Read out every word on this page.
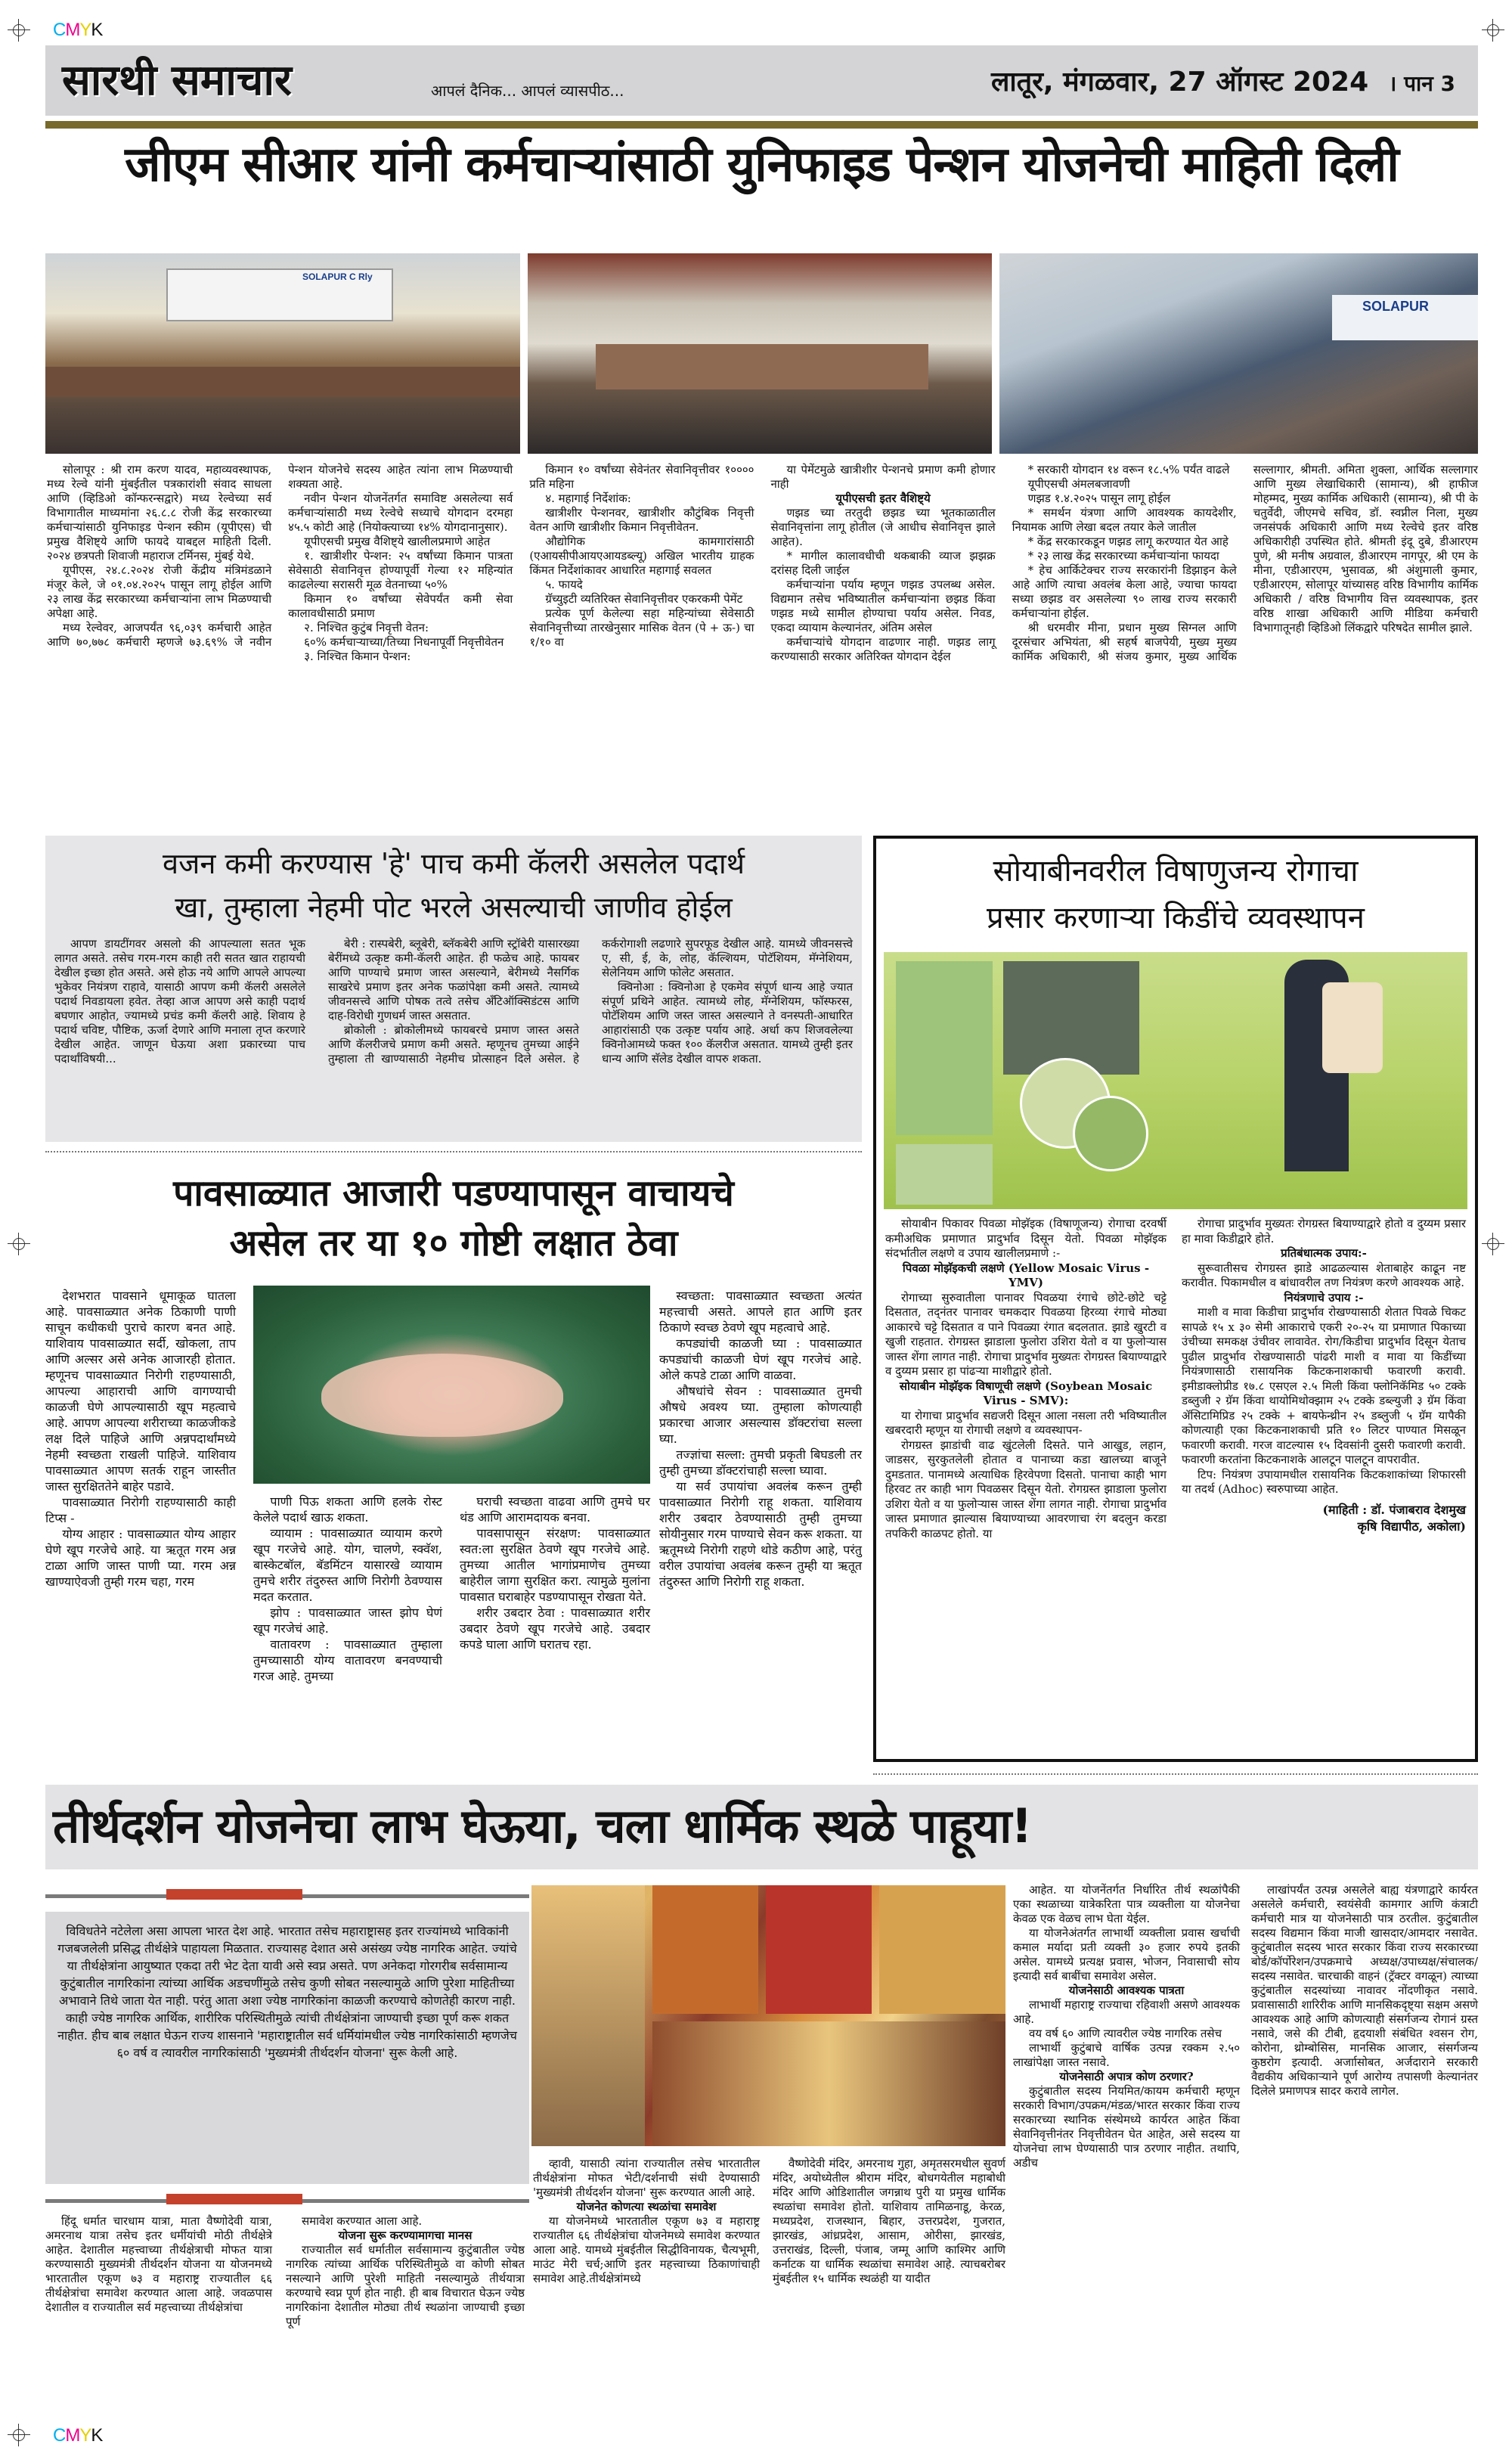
CMYK
सारथी समाचार	आपलं दैनिक... आपलं व्यासपीठ...	लातूर, मंगळवार, 27 ऑगस्ट 2024 । पान 3
जीएम सीआर यांनी कर्मचाऱ्यांसाठी युनिफाइड पेन्शन योजनेची माहिती दिली
SOLAPUR C Rly
SOLAPUR

सोलापूर : श्री राम करण यादव, महाव्यवस्थापक, मध्य रेल्वे यांनी मुंबईतील पत्रकारांशी संवाद साधला आणि (व्हिडिओ कॉन्फरन्सद्वारे) मध्य रेल्वेच्या सर्व विभागातील माध्यमांना २६.८.८ रोजी केंद्र सरकारच्या कर्मचाऱ्यांसाठी युनिफाइड पेन्शन स्कीम (यूपीएस) ची प्रमुख वैशिष्ट्ये आणि फायदे याबद्दल माहिती दिली. २०२४ छत्रपती शिवाजी महाराज टर्मिनस, मुंबई येथे.

यूपीएस, २४.८.२०२४ रोजी केंद्रीय मंत्रिमंडळाने मंजूर केले, जे ०१.०४.२०२५ पासून लागू होईल आणि २३ लाख केंद्र सरकारच्या कर्मचाऱ्यांना लाभ मिळण्याची अपेक्षा आहे.

मध्य रेल्वेवर, आजपर्यंत ९६,०३९ कर्मचारी आहेत आणि ७०,७७८ कर्मचारी म्हणजे ७३.६९% जे नवीन पेन्शन योजनेचे सदस्य आहेत त्यांना लाभ मिळण्याची शक्यता आहे.

नवीन पेन्शन योजनेंतर्गत समाविष्ट असलेल्या सर्व कर्मचाऱ्यांसाठी मध्य रेल्वेचे सध्याचे योगदान दरमहा ४५.५ कोटी आहे (नियोक्त्याच्या १४% योगदानानुसार).

यूपीएसची प्रमुख वैशिष्ट्ये खालीलप्रमाणे आहेत

१. खात्रीशीर पेन्शन: २५ वर्षांच्या किमान पात्रता सेवेसाठी सेवानिवृत्त होण्यापूर्वी गेल्या १२ महिन्यांत काढलेल्या सरासरी मूळ वेतनाच्या ५०%

किमान १० वर्षांच्या सेवेपर्यंत कमी सेवा कालावधीसाठी प्रमाण

२. निश्चित कुटुंब निवृत्ती वेतन:

६०% कर्मचाऱ्याच्या/तिच्या निधनापूर्वी निवृत्तीवेतन

३. निश्चित किमान पेन्शन:

किमान १० वर्षांच्या सेवेनंतर सेवानिवृत्तीवर १०००० प्रति महिना

४. महागाई निर्देशांक:

खात्रीशीर पेन्शनवर, खात्रीशीर कौटुंबिक निवृत्ती वेतन आणि खात्रीशीर किमान निवृत्तीवेतन.

औद्योगिक कामगारांसाठी (एआयसीपीआयएआयडब्ल्यू) अखिल भारतीय ग्राहक किंमत निर्देशांकावर आधारित महागाई सवलत

५. फायदे

ग्रॅच्युइटी व्यतिरिक्त सेवानिवृत्तीवर एकरकमी पेमेंट

प्रत्येक पूर्ण केलेल्या सहा महिन्यांच्या सेवेसाठी सेवानिवृत्तीच्या तारखेनुसार मासिक वेतन (पे + ऊ-) चा १/१० वा

या पेमेंटमुळे खात्रीशीर पेन्शनचे प्रमाण कमी होणार नाही

यूपीएसची इतर वैशिष्ट्ये

णझड च्या तरतुदी छझड च्या भूतकाळातील सेवानिवृत्तांना लागू होतील (जे आधीच सेवानिवृत्त झाले आहेत).

* मागील कालावधीची थकबाकी व्याज झझक्र दरांसह दिली जाईल

कर्मचाऱ्यांना पर्याय म्हणून णझड उपलब्ध असेल. विद्यमान तसेच भविष्यातील कर्मचाऱ्यांना छझड किंवा णझड मध्ये सामील होण्याचा पर्याय असेल. निवड, एकदा व्यायाम केल्यानंतर, अंतिम असेल

कर्मचाऱ्यांचे योगदान वाढणार नाही. णझड लागू करण्यासाठी सरकार अतिरिक्त योगदान देईल

* सरकारी योगदान १४ वरून १८.५% पर्यंत वाढले

यूपीएसची अंमलबजावणी

णझड १.४.२०२५ पासून लागू होईल

* समर्थन यंत्रणा आणि आवश्यक कायदेशीर, नियामक आणि लेखा बदल तयार केले जातील

* केंद्र सरकारकडून णझड लागू करण्यात येत आहे

* २३ लाख केंद्र सरकारच्या कर्मचाऱ्यांना फायदा

* हेच आर्किटेक्चर राज्य सरकारांनी डिझाइन केले आहे आणि त्याचा अवलंब केला आहे, ज्याचा फायदा सध्या छझड वर असलेल्या ९० लाख राज्य सरकारी कर्मचाऱ्यांना होईल.

श्री धरमवीर मीना, प्रधान मुख्य सिग्नल आणि दूरसंचार अभियंता, श्री सहर्ष बाजपेयी, मुख्य मुख्य कार्मिक अधिकारी, श्री संजय कुमार, मुख्य आर्थिक सल्लागार, श्रीमती. अमिता शुक्ला, आर्थिक सल्लागार आणि मुख्य लेखाधिकारी (सामान्य), श्री हाफीज मोहम्मद, मुख्य कार्मिक अधिकारी (सामान्य), श्री पी के चतुर्वेदी, जीएमचे सचिव, डॉ. स्वप्नील निला, मुख्य जनसंपर्क अधिकारी आणि मध्य रेल्वेचे इतर वरिष्ठ अधिकारीही उपस्थित होते. श्रीमती इंदू दुबे, डीआरएम पुणे, श्री मनीष अग्रवाल, डीआरएम नागपूर, श्री एम के मीना, एडीआरएम, भुसावळ, श्री अंशुमाली कुमार, एडीआरएम, सोलापूर यांच्यासह वरिष्ठ विभागीय कार्मिक अधिकारी / वरिष्ठ विभागीय वित्त व्यवस्थापक, इतर वरिष्ठ शाखा अधिकारी आणि मीडिया कर्मचारी विभागातूनही व्हिडिओ लिंकद्वारे परिषदेत सामील झाले.

वजन कमी करण्यास 'हे' पाच कमी कॅलरी असलेल पदार्थ
खा, तुम्हाला नेहमी पोट भरले असल्याची जाणीव होईल

आपण डायटींगवर असलो की आपल्याला सतत भूक लागत असते. तसेच गरम-गरम काही तरी सतत खात राहायची देखील इच्छा होत असते. असे होऊ नये आणि आपले आपल्या भुकेवर नियंत्रण राहावे, यासाठी आपण कमी कॅलरी असलेले पदार्थ निवडायला हवेत. तेव्हा आज आपण असे काही पदार्थ बघणार आहोत, ज्यामध्ये प्रचंड कमी कॅलरी आहे. शिवाय हे पदार्थ चविष्ट, पौष्टिक, ऊर्जा देणारे आणि मनाला तृप्त करणारे देखील आहेत. जाणून घेऊया अशा प्रकारच्या पाच पदार्थांविषयी...

बेरी : रास्पबेरी, ब्लूबेरी, ब्लॅकबेरी आणि स्ट्रॉबेरी यासारख्या बेरींमध्ये उत्कृष्ट कमी-कॅलरी आहेत. ही फळेच आहे. फायबर आणि पाण्याचे प्रमाण जास्त असल्याने, बेरीमध्ये नैसर्गिक साखरेचे प्रमाण इतर अनेक फळांपेक्षा कमी असते. त्यामध्ये जीवनसत्त्वे आणि पोषक तत्वे तसेच अँटिऑक्सिडंटस आणि दाह-विरोधी गुणधर्म जास्त असतात.

ब्रोकोली : ब्रोकोलीमध्ये फायबरचे प्रमाण जास्त असते आणि कॅलरीजचे प्रमाण कमी असते. म्हणूनच तुमच्या आईने तुम्हाला ती खाण्यासाठी नेहमीच प्रोत्साहन दिले असेल. हे कर्करोगाशी लढणारे सुपरफूड देखील आहे. यामध्ये जीवनसत्त्वे ए, सी, ई, के, लोह, कॅल्शियम, पोटॅशियम, मॅग्नेशियम, सेलेनियम आणि फोलेट असतात.

क्विनोआ : क्विनोआ हे एकमेव संपूर्ण धान्य आहे ज्यात संपूर्ण प्रथिने आहेत. त्यामध्ये लोह, मॅग्नेशियम, फॉस्फरस, पोटॅशियम आणि जस्त जास्त असल्याने ते वनस्पती-आधारित आहारांसाठी एक उत्कृष्ट पर्याय आहे. अर्धा कप शिजवलेल्या क्विनोआमध्ये फक्त १०० कॅलरीज असतात. यामध्ये तुम्ही इतर धान्य आणि सॅलेड देखील वापरु शकता.

पावसाळ्यात आजारी पडण्यापासून वाचायचे
असेल तर या १० गोष्टी लक्षात ठेवा

देशभरात पावसाने धूमाकूळ घातला आहे. पावसाळ्यात अनेक ठिकाणी पाणी साचून कधीकधी पुराचे कारण बनत आहे. याशिवाय पावसाळ्यात सर्दी, खोकला, ताप आणि अल्सर असे अनेक आजारही होतात. म्हणूनच पावसाळ्यात निरोगी राहण्यासाठी, आपल्या आहाराची आणि वागण्याची काळजी घेणे आपल्यासाठी खूप महत्वाचे आहे. आपण आपल्या शरीराच्या काळजीकडे लक्ष दिले पाहिजे आणि अन्नपदार्थांमध्ये नेहमी स्वच्छता राखली पाहिजे. याशिवाय पावसाळ्यात आपण सतर्क राहून जास्तीत जास्त सुरक्षिततेने बाहेर पडावे.

पावसाळ्यात निरोगी राहण्यासाठी काही टिप्स -

योग्य आहार : पावसाळ्यात योग्य आहार घेणे खूप गरजेचे आहे. या ऋतूत गरम अन्न टाळा आणि जास्त पाणी प्या. गरम अन्न खाण्याऐवजी तुम्ही गरम चहा, गरम

पाणी पिऊ शकता आणि हलके रोस्ट केलेले पदार्थ खाऊ शकता.

व्यायाम : पावसाळ्यात व्यायाम करणे खूप गरजेचे आहे. योग, चालणे, स्क्वॅश, बास्केटबॉल, बॅडमिंटन यासारखे व्यायाम तुमचे शरीर तंदुरुस्त आणि निरोगी ठेवण्यास मदत करतात.

झोप : पावसाळ्यात जास्त झोप घेणं खूप गरजेचं आहे.

वातावरण : पावसाळ्यात तुम्हाला तुमच्यासाठी योग्य वातावरण बनवण्याची गरज आहे. तुमच्या

घराची स्वच्छता वाढवा आणि तुमचे घर थंड आणि आरामदायक बनवा.

पावसापासून संरक्षण: पावसाळ्यात स्वत:ला सुरक्षित ठेवणे खूप गरजेचे आहे. तुमच्या आतील भागांप्रमाणेच तुमच्या बाहेरील जागा सुरक्षित करा. त्यामुळे मुलांना पावसात घराबाहेर पडण्यापासून रोखता येते.

शरीर उबदार ठेवा : पावसाळ्यात शरीर उबदार ठेवणे खूप गरजेचे आहे. उबदार कपडे घाला आणि घरातच रहा.

स्वच्छता: पावसाळ्यात स्वच्छता अत्यंत महत्त्वाची असते. आपले हात आणि इतर ठिकाणे स्वच्छ ठेवणे खूप महत्वाचे आहे.

कपड्यांची काळजी घ्या : पावसाळ्यात कपड्यांची काळजी घेणं खूप गरजेचं आहे. ओले कपडे टाळा आणि वाळवा.

औषधांचे सेवन : पावसाळ्यात तुमची औषधे अवश्य घ्या. तुम्हाला कोणत्याही प्रकारचा आजार असल्यास डॉक्टरांचा सल्ला घ्या.

तज्ज्ञांचा सल्ला: तुमची प्रकृती बिघडली तर तुम्ही तुमच्या डॉक्टरांचाही सल्ला घ्यावा.

या सर्व उपायांचा अवलंब करून तुम्ही पावसाळ्यात निरोगी राहू शकता. याशिवाय शरीर उबदार ठेवण्यासाठी तुम्ही तुमच्या सोयीनुसार गरम पाण्याचे सेवन करू शकता. या ऋतूमध्ये निरोगी राहणे थोडे कठीण आहे, परंतु वरील उपायांचा अवलंब करून तुम्ही या ऋतूत तंदुरुस्त आणि निरोगी राहू शकता.

सोयाबीनवरील विषाणुजन्य रोगाचा
प्रसार करणाऱ्या किडींचे व्यवस्थापन

सोयाबीन पिकावर पिवळा मोझॅइक (विषाणूजन्य) रोगाचा दरवर्षी कमीअधिक प्रमाणात प्रादुर्भाव दिसून येतो. पिवळा मोझॅइक संदर्भातील लक्षणे व उपाय खालीलप्रमाणे :-

पिवळा मोझॅइकची लक्षणे (Yellow Mosaic Virus - YMV)

रोगाच्या सुरुवातीला पानावर पिवळया रंगाचे छोटे-छोटे चट्टे दिसतात, तद्नंतर पानावर चमकदार पिवळया हिरव्या रंगाचे मोठ्या आकारचे चट्टे दिसतात व पाने पिवळ्या रंगात बदलतात. झाडे खुरटी व खुजी राहतात. रोगग्रस्त झाडाला फुलोरा उशिरा येतो व या फुलोऱ्यास जास्त शेंगा लागत नाही. रोगाचा प्रादुर्भाव मुख्यतः रोगग्रस्त बियाण्याद्वारे व दुय्यम प्रसार हा पांढऱ्या माशीद्वारे होतो.

सोयाबीन मोझॅइक विषाणूची लक्षणे (Soybean Mosaic Virus - SMV):

या रोगाचा प्रादुर्भाव सद्यजरी दिसून आला नसला तरी भविष्यातील खबरदारी म्हणून या रोगाची लक्षणे व व्यवस्थापन-

रोगग्रस्त झाडांची वाढ खुंटलेली दिसते. पाने आखुड, लहान, जाडसर, सुरकुतलेली होतात व पानाच्या कडा खालच्या बाजूने दुमडतात. पानामध्ये अत्याधिक हिरवेपणा दिसतो. पानाचा काही भाग हिरवट तर काही भाग पिवळसर दिसून येतो. रोगग्रस्त झाडाला फुलोरा उशिरा येतो व या फुलोऱ्यास जास्त शेंगा लागत नाही. रोगाचा प्रादुर्भाव जास्त प्रमाणात झाल्यास बियाण्याच्या आवरणाचा रंग बदलुन करडा तपकिरी काळपट होतो. या

रोगाचा प्रादुर्भाव मुख्यतः रोगग्रस्त बियाण्याद्वारे होतो व दुय्यम प्रसार हा मावा किडीद्वारे होते.

प्रतिबंधात्मक उपाय:-

सुरूवातीसच रोगग्रस्त झाडे आढळल्यास शेताबाहेर काढून नष्ट करावीत. पिकामधील व बांधावरील तण नियंत्रण करणे आवश्यक आहे.

नियंत्रणाचे उपाय :-

माशी व मावा किडीचा प्रादुर्भाव रोखण्यासाठी शेतात पिवळे चिकट सापळे १५ x ३० सेमी आकाराचे एकरी २०-२५ या प्रमाणात पिकाच्या उंचीच्या समकक्ष उंचीवर लावावेत. रोग/किडीचा प्रादुर्भाव दिसून येताच पुढील प्रादुर्भाव रोखण्यासाठी पांढरी माशी व मावा या किडींच्या नियंत्रणासाठी रासायनिक किटकनाशकाची फवारणी करावी. इमीडाक्लोप्रीड १७.८ एसएल २.५ मिली किंवा फ्लोनिकॅमिड ५० टक्के डब्लुजी २ ग्रॅम किंवा थायोमिथोक्झाम २५ टक्के डब्ल्युजी ३ ग्रॅम किंवा ॲसिटामिप्रिड २५ टक्के + बायफेन्थ्रीन २५ डब्लुजी ५ ग्रॅम यापैकी कोणत्याही एका किटकनाशकाची प्रति १० लिटर पाण्यात मिसळून फवारणी करावी. गरज वाटल्यास १५ दिवसांनी दुसरी फवारणी करावी. फवारणी करतांना किटकनाशके आलटून पालटून वापरावीत.

टिप: नियंत्रण उपायामधील रासायनिक किटकशाकांच्या शिफारसी या तदर्थ (Adhoc) स्वरुपाच्या आहेत.

(माहिती : डॉ. पंजाबराव देशमुख
कृषि विद्यापीठ, अकोला)
तीर्थदर्शन योजनेचा लाभ घेऊया, चला धार्मिक स्थळे पाहूया!
विविधतेने नटेलेला असा आपला भारत देश आहे. भारतात तसेच महाराष्ट्रासह इतर राज्यांमध्ये भाविकांनी गजबजलेली प्रसिद्ध तीर्थक्षेत्रे पाहायला मिळतात. राज्यासह देशात असे असंख्य ज्येष्ठ नागरिक आहेत. ज्यांचे या तीर्थक्षेत्रांना आयुष्यात एकदा तरी भेट देता यावी असे स्वप्न असते. पण अनेकदा गोरगरीब सर्वसामान्य कुटुंबातील नागरिकांना त्यांच्या आर्थिक अडचणींमुळे तसेच कुणी सोबत नसल्यामुळे आणि पुरेशा माहितीच्या अभावाने तिथे जाता येत नाही. परंतु आता अशा ज्येष्ठ नागरिकांना काळजी करण्याचे कोणतेही कारण नाही. काही ज्येष्ठ नागरिक आर्थिक, शारीरिक परिस्थितीमुळे त्यांची तीर्थक्षेत्रांना जाण्याची इच्छा पूर्ण करू शकत नाहीत. हीच बाब लक्षात घेऊन राज्य शासनाने 'महाराष्ट्रातील सर्व धर्मियांमधील ज्येष्ठ नागरिकांसाठी म्हणजेच ६० वर्ष व त्यावरील नागरिकांसाठी 'मुख्यमंत्री तीर्थदर्शन योजना' सुरू केली आहे.

हिंदू धर्मात चारधाम यात्रा, माता वैष्णोदेवी यात्रा, अमरनाथ यात्रा तसेच इतर धर्मीयांची मोठी तीर्थक्षेत्रे आहेत. देशातील महत्त्वाच्या तीर्थक्षेत्राची मोफत यात्रा करण्यासाठी मुख्यमंत्री तीर्थदर्शन योजना या योजनमध्ये भारतातील एकूण ७३ व महाराष्ट्र राज्यातील ६६ तीर्थक्षेत्रांचा समावेश करण्यात आला आहे. जवळपास देशातील व राज्यातील सर्व महत्त्वाच्या तीर्थक्षेत्रांचा

समावेश करण्यात आला आहे.

योजना सुरू करण्यामागचा मानस

राज्यातील सर्व धर्मातील सर्वसामान्य कुटुंबातील ज्येष्ठ नागरिक त्यांच्या आर्थिक परिस्थितीमुळे वा कोणी सोबत नसल्याने आणि पुरेशी माहिती नसल्यामुळे तीर्थयात्रा करण्याचे स्वप्न पूर्ण होत नाही. ही बाब विचारात घेऊन ज्येष्ठ नागरिकांना देशातील मोठ्या तीर्थ स्थळांना जाण्याची इच्छा पूर्ण

व्हावी, यासाठी त्यांना राज्यातील तसेच भारतातील तीर्थक्षेत्रांना मोफत भेटी/दर्शनाची संधी देण्यासाठी 'मुख्यमंत्री तीर्थदर्शन योजना' सुरू करण्यात आली आहे.

योजनेत कोणत्या स्थळांचा समावेश

या योजनेमध्ये भारतातील एकूण ७३ व महाराष्ट्र राज्यातील ६६ तीर्थक्षेत्रांचा योजनेमध्ये समावेश करण्यात आला आहे. यामध्ये मुंबईतील सिद्धीविनायक, चैत्यभूमी, माउंट मेरी चर्च;आणि इतर महत्त्वाच्या ठिकाणांचाही समावेश आहे.तीर्थक्षेत्रांमध्ये

वैष्णोदेवी मंदिर, अमरनाथ गुहा, अमृतसरमधील सुवर्ण मंदिर, अयोध्येतील श्रीराम मंदिर, बोधगयेतील महाबोधी मंदिर आणि ओडिशातील जगन्नाथ पुरी या प्रमुख धार्मिक स्थळांचा समावेश होतो. याशिवाय तामिळनाडू, केरळ, मध्यप्रदेश, राजस्थान, बिहार, उत्तरप्रदेश, गुजरात, झारखंड, आंध्रप्रदेश, आसाम, ओरीसा, झारखंड, उत्तराखंड, दिल्ली, पंजाब, जम्मू आणि काश्मिर आणि कर्नाटक या धार्मिक स्थळांचा समावेश आहे. त्याचबरोबर मुंबईतील १५ धार्मिक स्थळंही या यादीत

आहेत. या योजनेंतर्गत निर्धारित तीर्थ स्थळांपैकी एका स्थळाच्या यात्रेकरिता पात्र व्यक्तीला या योजनेचा केवळ एक वेळच लाभ घेता येईल.

या योजनेअंतर्गत लाभार्थी व्यक्तीला प्रवास खर्चाची कमाल मर्यादा प्रती व्यक्ती ३० हजार रुपये इतकी असेल. यामध्ये प्रत्यक्ष प्रवास, भोजन, निवासाची सोय इत्यादी सर्व बाबींचा समावेश असेल.

योजनेसाठी आवश्यक पात्रता

लाभार्थी महाराष्ट्र राज्याचा रहिवाशी असणे आवश्यक आहे.

वय वर्ष ६० आणि त्यावरील ज्येष्ठ नागरिक तसेच

लाभार्थी कुटुंबाचे वार्षिक उत्पन्न रक्कम २.५० लाखांपेक्षा जास्त नसावे.

योजनेसाठी अपात्र कोण ठरणार?

कुटुंबातील सदस्य नियमित/कायम कर्मचारी म्हणून सरकारी विभाग/उपक्रम/मंडळ/भारत सरकार किंवा राज्य सरकारच्या स्थानिक संस्थेमध्ये कार्यरत आहेत किंवा सेवानिवृत्तीनंतर निवृत्तीवेतन घेत आहेत, असे सदस्य या योजनेचा लाभ घेण्यासाठी पात्र ठरणार नाहीत. तथापि, अडीच

लाखांपर्यंत उत्पन्न असलेले बाह्य यंत्रणाद्वारे कार्यरत असलेले कर्मचारी, स्वयंसेवी कामगार आणि कंत्राटी कर्मचारी मात्र या योजनेसाठी पात्र ठरतील. कुटुंबातील सदस्य विद्यमान किंवा माजी खासदार/आमदार नसावेत. कुटुंबातील सदस्य भारत सरकार किंवा राज्य सरकारच्या बोर्ड/कॉर्पोरेशन/उपक्रमाचे अध्यक्ष/उपाध्यक्ष/संचालक/सदस्य नसावेत. चारचाकी वाहनं (ट्रॅक्टर वगळून) त्याच्या कुटुंबातील सदस्यांच्या नावावर नोंदणीकृत नसावे. प्रवासासाठी शारिरीक आणि मानसिकदृष्ट्या सक्षम असणे आवश्यक आहे आणि कोणत्याही संसर्गजन्य रोगानं ग्रस्त नसावे, जसे की टीबी, हृदयाशी संबंधित श्वसन रोग, कोरोना, थ्रोम्बोसिस, मानसिक आजार, संसर्गजन्य कुष्ठरोग इत्यादी. अर्जाासोबत, अर्जदाराने सरकारी वैद्यकीय अधिकाऱ्याने पूर्ण आरोग्य तपासणी केल्यानंतर दिलेले प्रमाणपत्र सादर करावे लागेल.

CMYK
